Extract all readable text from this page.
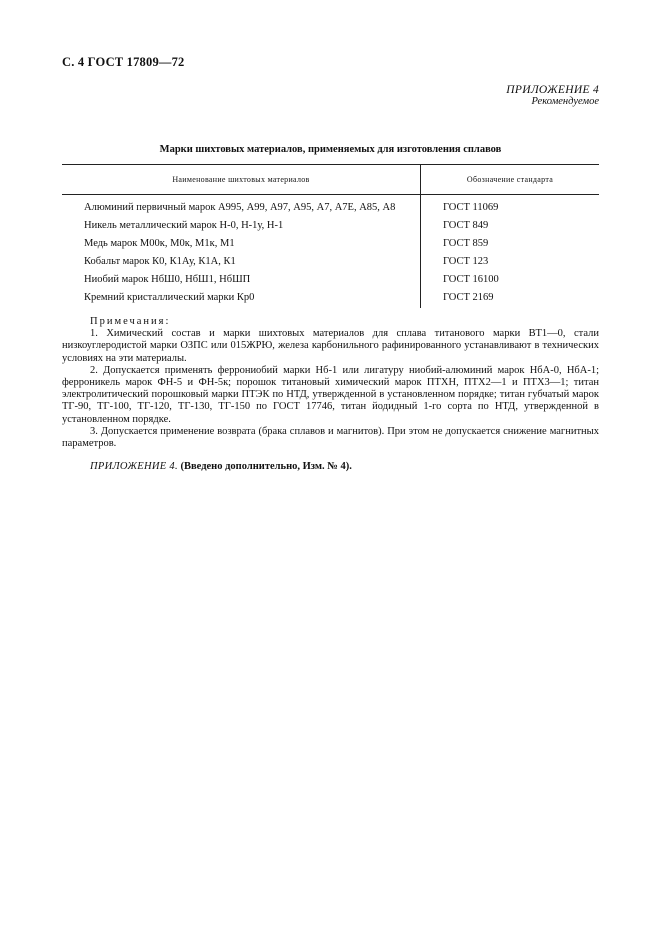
С. 4 ГОСТ 17809—72
ПРИЛОЖЕНИЕ 4
Рекомендуемое
Марки шихтовых материалов, применяемых для изготовления сплавов
Наименование шихтовых материалов	Обозначение стандарта
Алюминий первичный марок А995, А99, А97, А95, А7, А7Е, А85, А8	ГОСТ 11069
Никель металлический марок Н-0, Н-1у, Н-1	ГОСТ 849
Медь марок М00к, М0к, М1к, М1	ГОСТ 859
Кобальт марок К0, К1Ау, К1А, К1	ГОСТ 123
Ниобий марок НбШ0, НбШ1, НбШП	ГОСТ 16100
Кремний кристаллический марки Кр0	ГОСТ 2169
Примечания:

1. Химический состав и марки шихтовых материалов для сплава титанового марки ВТ1—0, стали низкоуглеродистой марки ОЗПС или 015ЖРЮ, железа карбонильного рафинированного устанавливают в технических условиях на эти материалы.

2. Допускается применять феррониобий марки Нб-1 или лигатуру ниобий-алюминий марок НбА-0, НбА-1; ферроникель марок ФН-5 и ФН-5к; порошок титановый химический марок ПТХН, ПТХ2—1 и ПТХ3—1; титан электролитический порошковый марки ПТЭК по НТД, утвержденной в установленном порядке; титан губчатый марок ТГ-90, ТГ-100, ТГ-120, ТГ-130, ТГ-150 по ГОСТ 17746, титан йодидный 1-го сорта по НТД, утвержденной в установленном порядке.

3. Допускается применение возврата (брака сплавов и магнитов). При этом не допускается снижение магнитных параметров.

ПРИЛОЖЕНИЕ 4. (Введено дополнительно, Изм. № 4).
